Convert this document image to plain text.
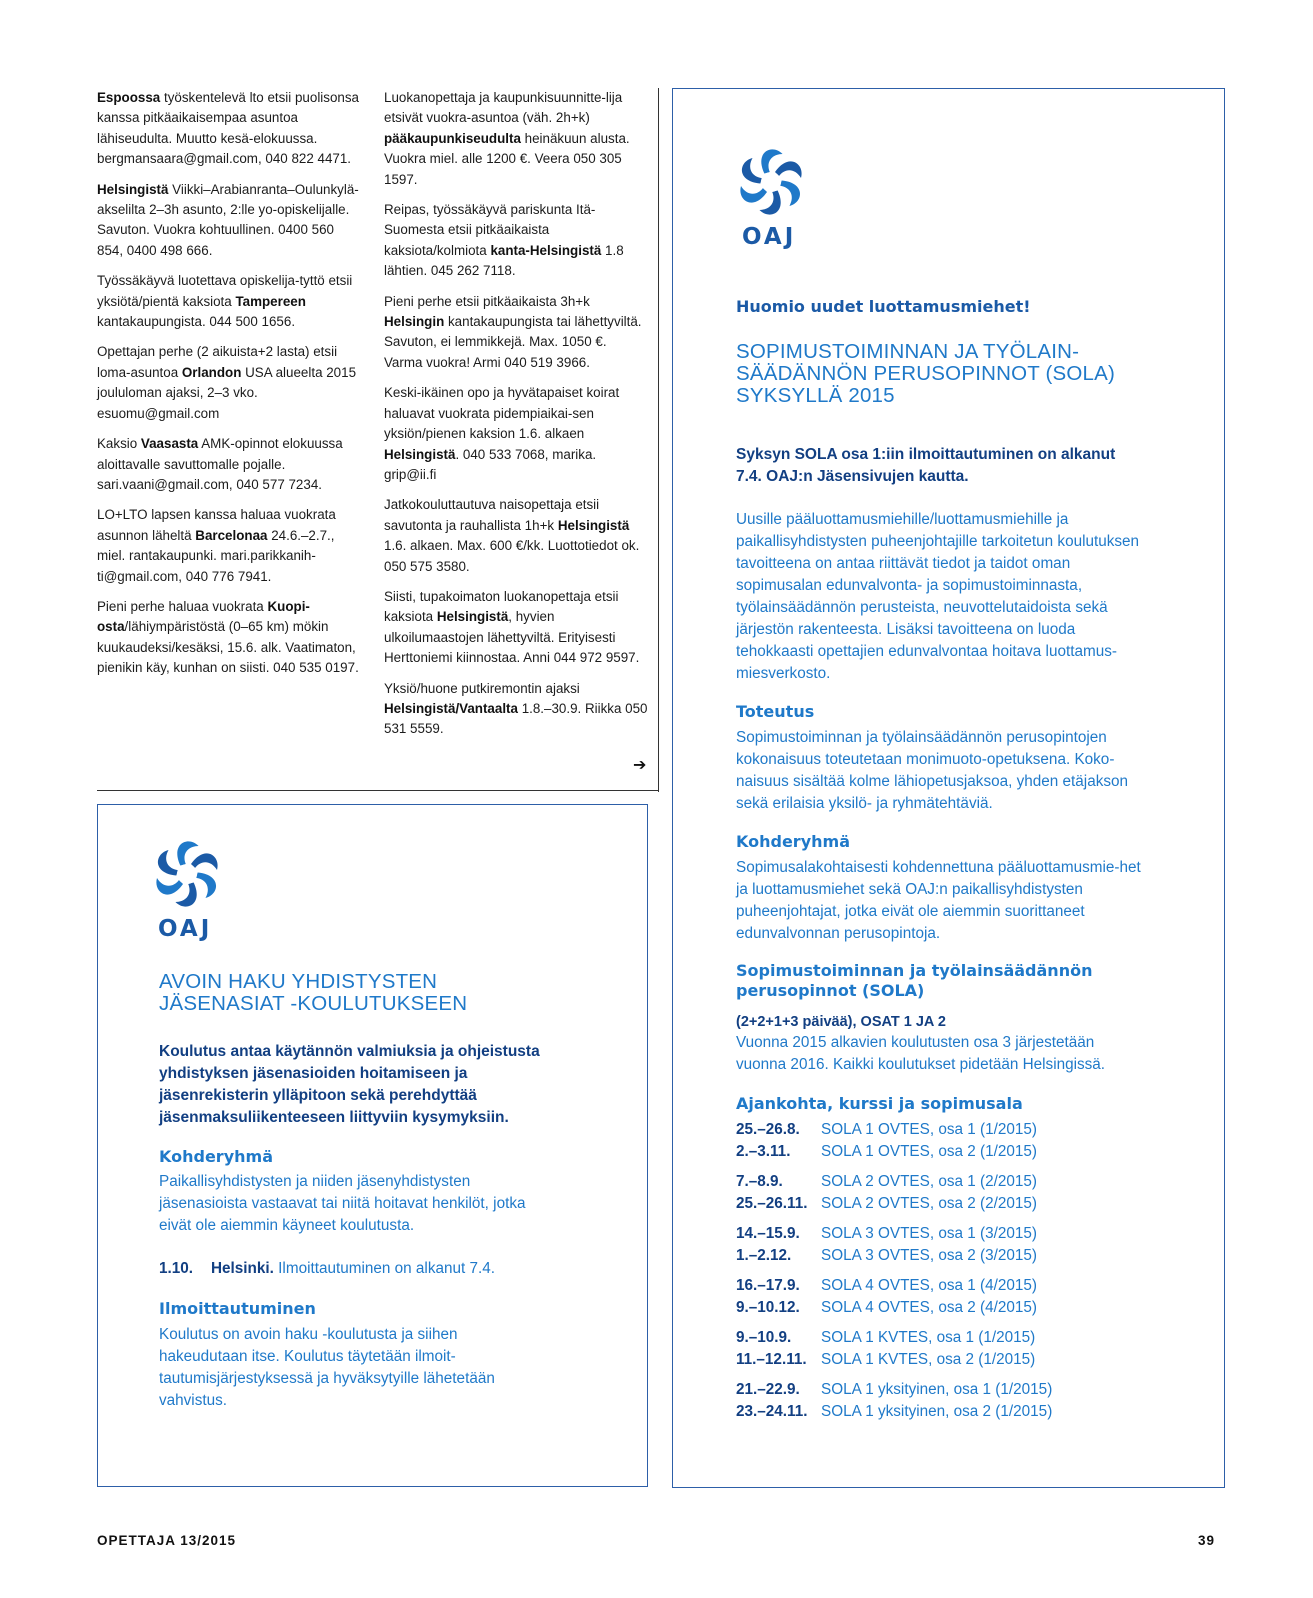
Espoossa työskentelevä lto etsii puolisonsa kanssa pitkäaikaisempaa asuntoa lähiseudulta. Muutto kesä-elokuussa. bergmansaara@gmail.com, 040 822 4471.
Helsingistä Viikki–Arabianranta–Oulunkylä-akselilta 2–3h asunto, 2:lle yo-opiskelijalle. Savuton. Vuokra kohtuullinen. 0400 560 854, 0400 498 666.
Työssäkäyvä luotettava opiskelija-tyttö etsii yksiötä/pientä kaksiota Tampereen kantakaupungista. 044 500 1656.
Opettajan perhe (2 aikuista+2 lasta) etsii loma-asuntoa Orlandon USA alueelta 2015 joululoman ajaksi, 2–3 vko. esuomu@gmail.com
Kaksio Vaasasta AMK-opinnot elokuussa aloittavalle savuttomalle pojalle. sari.vaani@gmail.com, 040 577 7234.
LO+LTO lapsen kanssa haluaa vuokrata asunnon läheltä Barcelonaa 24.6.–2.7., miel. rantakaupunki. mari.parikkanih-ti@gmail.com, 040 776 7941.
Pieni perhe haluaa vuokrata Kuopi-osta/lähiympäristöstä (0–65 km) mökin kuukaudeksi/kesäksi, 15.6. alk. Vaatimaton, pienikin käy, kunhan on siisti. 040 535 0197.
Luokanopettaja ja kaupunkisuunnitte-lija etsivät vuokra-asuntoa (väh. 2h+k) pääkaupunkiseudulta heinäkuun alusta. Vuokra miel. alle 1200 €. Veera 050 305 1597.
Reipas, työssäkäyvä pariskunta Itä-Suomesta etsii pitkäaikaista kaksiota/kolmiota kanta-Helsingistä 1.8 lähtien. 045 262 7118.
Pieni perhe etsii pitkäaikaista 3h+k Helsingin kantakaupungista tai lähettyviltä. Savuton, ei lemmikkejä. Max. 1050 €. Varma vuokra! Armi 040 519 3966.
Keski-ikäinen opo ja hyvätapaiset koirat haluavat vuokrata pidempiaikai-sen yksiön/pienen kaksion 1.6. alkaen Helsingistä. 040 533 7068, marika. grip@ii.fi
Jatkokouluttautuva naisopettaja etsii savutonta ja rauhallista 1h+k Helsingistä 1.6. alkaen. Max. 600 €/kk. Luottotiedot ok. 050 575 3580.
Siisti, tupakoimaton luokanopettaja etsii kaksiota Helsingistä, hyvien ulkoilumaastojen lähettyviltä. Erityisesti Herttoniemi kiinnostaa. Anni 044 972 9597.
Yksiö/huone putkiremontin ajaksi Helsingistä/Vantaalta 1.8.–30.9. Riikka 050 531 5559.
➔
OAJ
AVOIN HAKU YHDISTYSTEN
JÄSENASIAT -KOULUTUKSEEN
Koulutus antaa käytännön valmiuksia ja ohjeistusta yhdistyksen jäsenasioiden hoitamiseen ja jäsenrekisterin ylläpitoon sekä perehdyttää jäsenmaksuliikenteeseen liittyviin kysymyksiin.
Kohderyhmä
Paikallisyhdistysten ja niiden jäsenyhdistysten jäsenasioista vastaavat tai niitä hoitavat henkilöt, jotka eivät ole aiemmin käyneet koulutusta.
1.10. Helsinki. Ilmoittautuminen on alkanut 7.4.
Ilmoittautuminen
Koulutus on avoin haku -koulutusta ja siihen hakeudutaan itse. Koulutus täytetään ilmoit-tautumisjärjestyksessä ja hyväksytyille lähetetään vahvistus.
OAJ
Huomio uudet luottamusmiehet!
SOPIMUSTOIMINNAN JA TYÖLAIN-
SÄÄDÄNNÖN PERUSOPINNOT (SOLA)
SYKSYLLÄ 2015
Syksyn SOLA osa 1:iin ilmoittautuminen on alkanut 7.4. OAJ:n Jäsensivujen kautta.
Uusille pääluottamusmiehille/luottamusmiehille ja paikallisyhdistysten puheenjohtajille tarkoitetun koulutuksen tavoitteena on antaa riittävät tiedot ja taidot oman sopimusalan edunvalvonta- ja sopimustoiminnasta, työlainsäädännön perusteista, neuvottelutaidoista sekä järjestön rakenteesta. Lisäksi tavoitteena on luoda tehokkaasti opettajien edunvalvontaa hoitava luottamus-miesverkosto.
Toteutus
Sopimustoiminnan ja työlainsäädännön perusopintojen kokonaisuus toteutetaan monimuoto-opetuksena. Koko-naisuus sisältää kolme lähiopetusjaksoa, yhden etäjakson sekä erilaisia yksilö- ja ryhmätehtäviä.
Kohderyhmä
Sopimusalakohtaisesti kohdennettuna pääluottamusmie-het ja luottamusmiehet sekä OAJ:n paikallisyhdistysten puheenjohtajat, jotka eivät ole aiemmin suorittaneet edunvalvonnan perusopintoja.
Sopimustoiminnan ja työlainsäädännön perusopinnot (SOLA)
(2+2+1+3 päivää), OSAT 1 JA 2
Vuonna 2015 alkavien koulutusten osa 3 järjestetään vuonna 2016. Kaikki koulutukset pidetään Helsingissä.
Ajankohta, kurssi ja sopimusala
25.–26.8.	SOLA 1 OVTES, osa 1 (1/2015)
2.–3.11.	SOLA 1 OVTES, osa 2 (1/2015)
7.–8.9.	SOLA 2 OVTES, osa 1 (2/2015)
25.–26.11. SOLA 2 OVTES, osa 2 (2/2015)
14.–15.9.	SOLA 3 OVTES, osa 1 (3/2015)
1.–2.12.	SOLA 3 OVTES, osa 2 (3/2015)
16.–17.9.	SOLA 4 OVTES, osa 1 (4/2015)
9.–10.12.	SOLA 4 OVTES, osa 2 (4/2015)
9.–10.9.	SOLA 1 KVTES, osa 1 (1/2015)
11.–12.11. SOLA 1 KVTES, osa 2 (1/2015)
21.–22.9.	SOLA 1 yksityinen, osa 1 (1/2015)
23.–24.11. SOLA 1 yksityinen, osa 2 (1/2015)
OPETTAJA 13/2015	39
